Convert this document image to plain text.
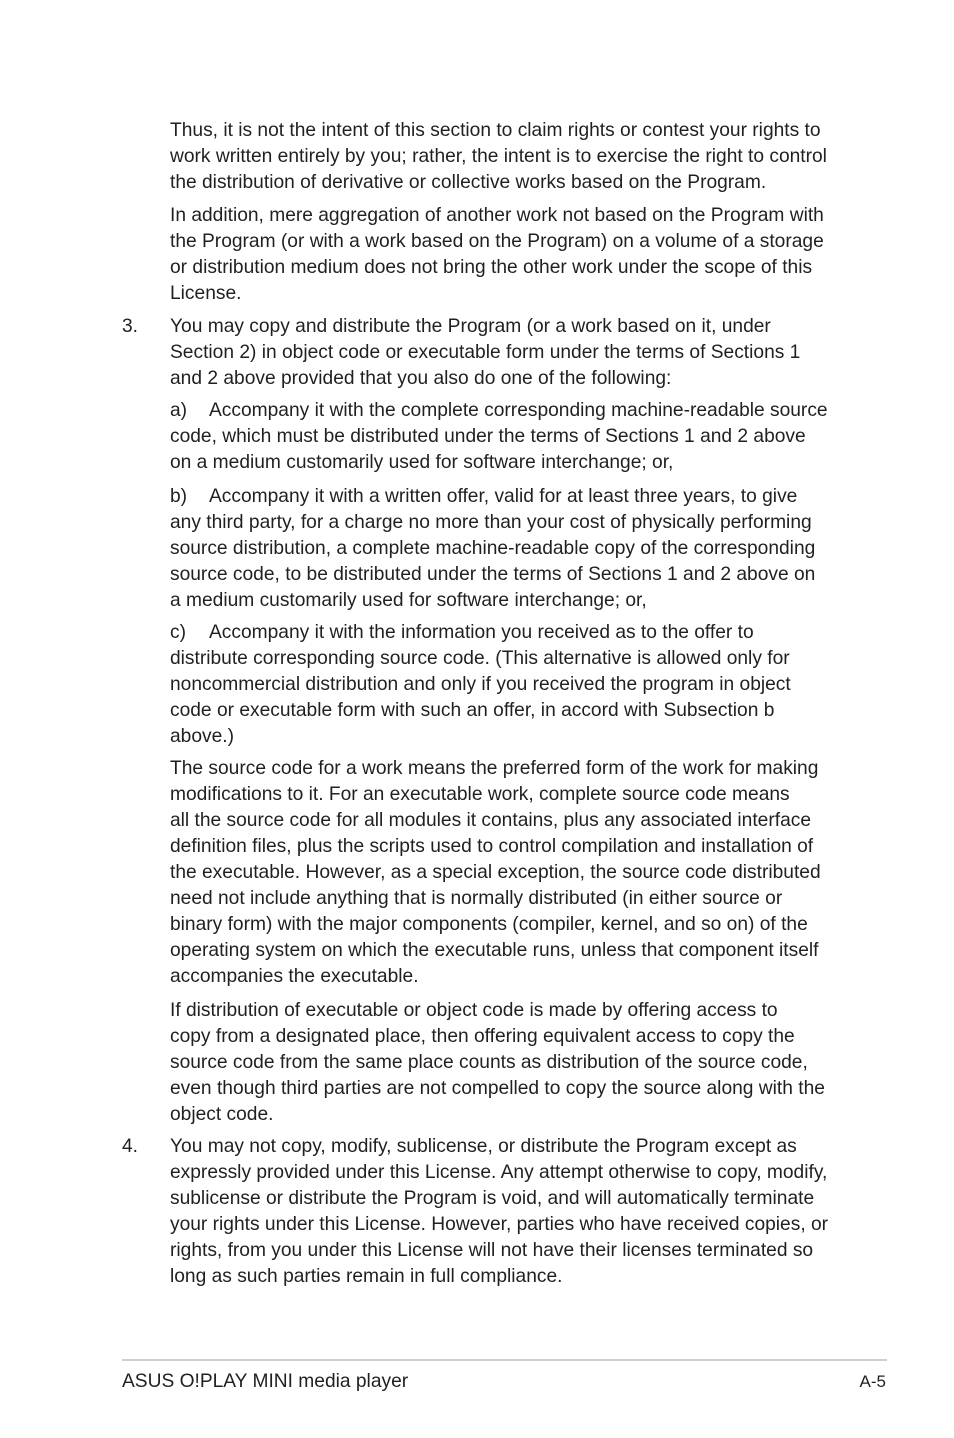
Thus, it is not the intent of this section to claim rights or contest your rights to
work written entirely by you; rather, the intent is to exercise the right to control
the distribution of derivative or collective works based on the Program.

In addition, mere aggregation of another work not based on the Program with
the Program (or with a work based on the Program) on a volume of a storage
or distribution medium does not bring the other work under the scope of this
License.

3. You may copy and distribute the Program (or a work based on it, under
Section 2) in object code or executable form under the terms of Sections 1
and 2 above provided that you also do one of the following:

a) Accompany it with the complete corresponding machine-readable source
code, which must be distributed under the terms of Sections 1 and 2 above
on a medium customarily used for software interchange; or,

b) Accompany it with a written offer, valid for at least three years, to give
any third party, for a charge no more than your cost of physically performing
source distribution, a complete machine-readable copy of the corresponding
source code, to be distributed under the terms of Sections 1 and 2 above on
a medium customarily used for software interchange; or,

c) Accompany it with the information you received as to the offer to
distribute corresponding source code. (This alternative is allowed only for
noncommercial distribution and only if you received the program in object
code or executable form with such an offer, in accord with Subsection b
above.)

The source code for a work means the preferred form of the work for making
modifications to it. For an executable work, complete source code means
all the source code for all modules it contains, plus any associated interface
definition files, plus the scripts used to control compilation and installation of
the executable. However, as a special exception, the source code distributed
need not include anything that is normally distributed (in either source or
binary form) with the major components (compiler, kernel, and so on) of the
operating system on which the executable runs, unless that component itself
accompanies the executable.

If distribution of executable or object code is made by offering access to
copy from a designated place, then offering equivalent access to copy the
source code from the same place counts as distribution of the source code,
even though third parties are not compelled to copy the source along with the
object code.

4. You may not copy, modify, sublicense, or distribute the Program except as
expressly provided under this License. Any attempt otherwise to copy, modify,
sublicense or distribute the Program is void, and will automatically terminate
your rights under this License. However, parties who have received copies, or
rights, from you under this License will not have their licenses terminated so
long as such parties remain in full compliance.

ASUS O!PLAY MINI media player	A-5
